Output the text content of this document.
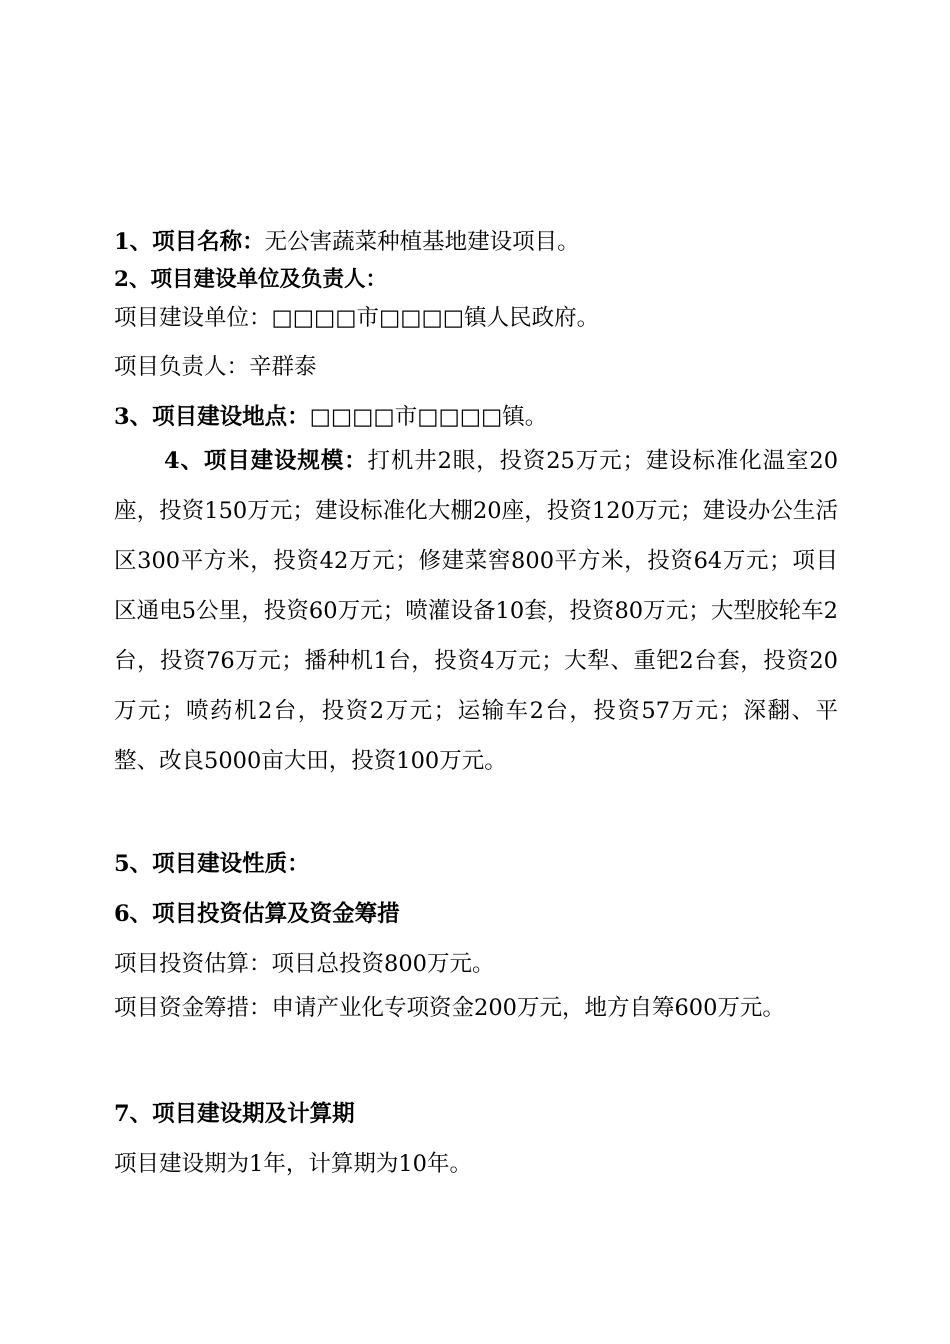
1、项目名称：无公害蔬菜种植基地建设项目。

2、项目建设单位及负责人：

项目建设单位：□□□□市□□□□镇人民政府。

项目负责人：辛群泰

3、项目建设地点：□□□□市□□□□镇。

4、项目建设规模：打机井2眼，投资25万元；建设标准化温室20座，投资150万元；建设标准化大棚20座，投资120万元；建设办公生活区300平方米，投资42万元；修建菜窖800平方米，投资64万元；项目区通电5公里，投资60万元；喷灌设备10套，投资80万元；大型胶轮车2台，投资76万元；播种机1台，投资4万元；大犁、重钯2台套，投资20万元；喷药机2台，投资2万元；运输车2台，投资57万元；深翻、平整、改良5000亩大田，投资100万元。

5、项目建设性质：

6、项目投资估算及资金筹措

项目投资估算：项目总投资800万元。

项目资金筹措：申请产业化专项资金200万元，地方自筹600万元。

7、项目建设期及计算期

项目建设期为1年，计算期为10年。
